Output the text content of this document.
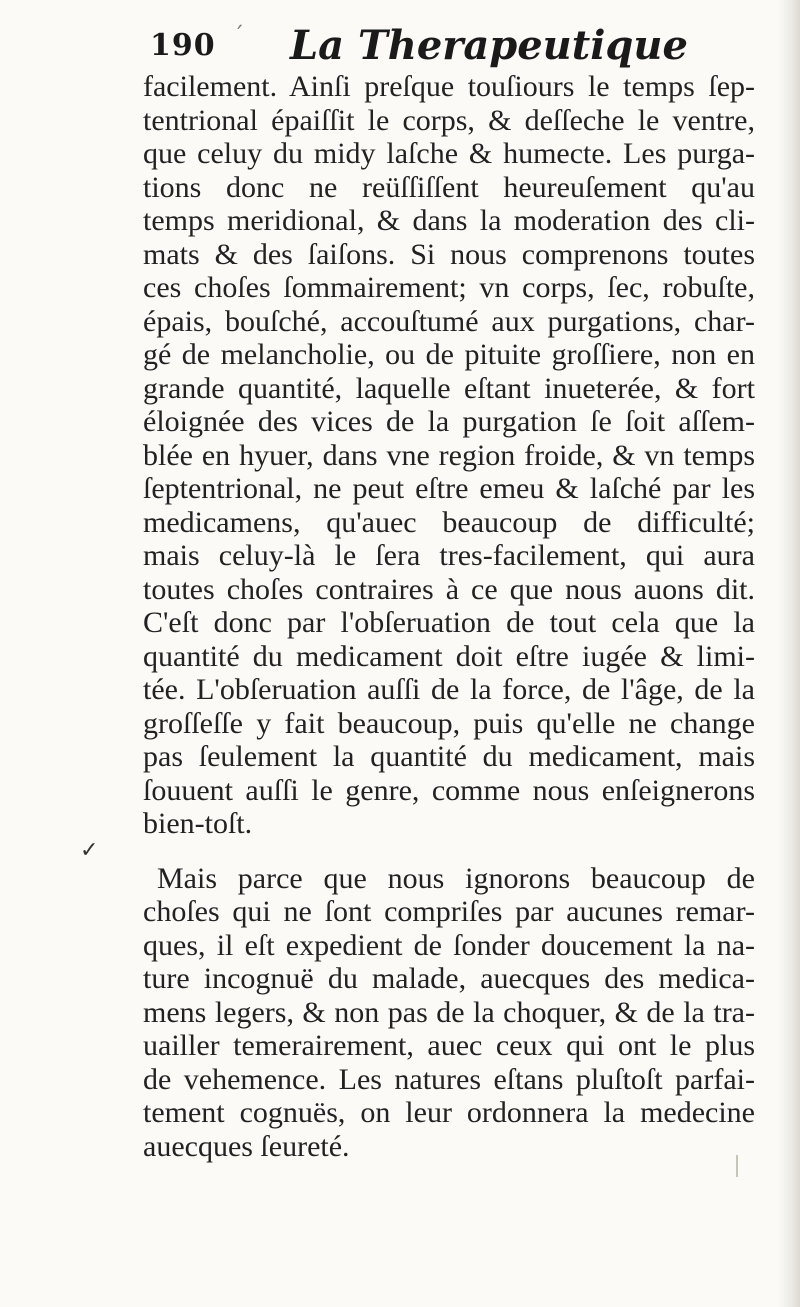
190 ˊ La Therapeutique
facilement. Ainſi preſque touſiours le temps ſep-
tentrional épaiſſit le corps, & deſſeche le ventre,
que celuy du midy laſche & humecte. Les purga-
tions donc ne reüſſiſſent heureuſement qu'au
temps meridional, & dans la moderation des cli-
mats & des ſaiſons. Si nous comprenons toutes
ces choſes ſommairement; vn corps, ſec, robuſte,
épais, bouſché, accouſtumé aux purgations, char-
gé de melancholie, ou de pituite groſſiere, non en
grande quantité, laquelle eſtant inueterée, & fort
éloignée des vices de la purgation ſe ſoit aſſem-
blée en hyuer, dans vne region froide, & vn temps
ſeptentrional, ne peut eſtre emeu & laſché par les
medicamens, qu'auec beaucoup de difficulté;
mais celuy-là le ſera tres-facilement, qui aura
toutes choſes contraires à ce que nous auons dit.
C'eſt donc par l'obſeruation de tout cela que la
quantité du medicament doit eſtre iugée & limi-
tée. L'obſeruation auſſi de la force, de l'âge, de la
groſſeſſe y fait beaucoup, puis qu'elle ne change
pas ſeulement la quantité du medicament, mais
ſouuent auſſi le genre, comme nous enſeignerons
bien-toſt.
Mais parce que nous ignorons beaucoup de
choſes qui ne ſont compriſes par aucunes remar-
ques, il eſt expedient de ſonder doucement la na-
ture incognuë du malade, auecques des medica-
mens legers, & non pas de la choquer, & de la tra-
uailler temerairement, auec ceux qui ont le plus
de vehemence. Les natures eſtans pluſtoſt parfai-
tement cognuës, on leur ordonnera la medecine
auecques ſeureté.
✓
